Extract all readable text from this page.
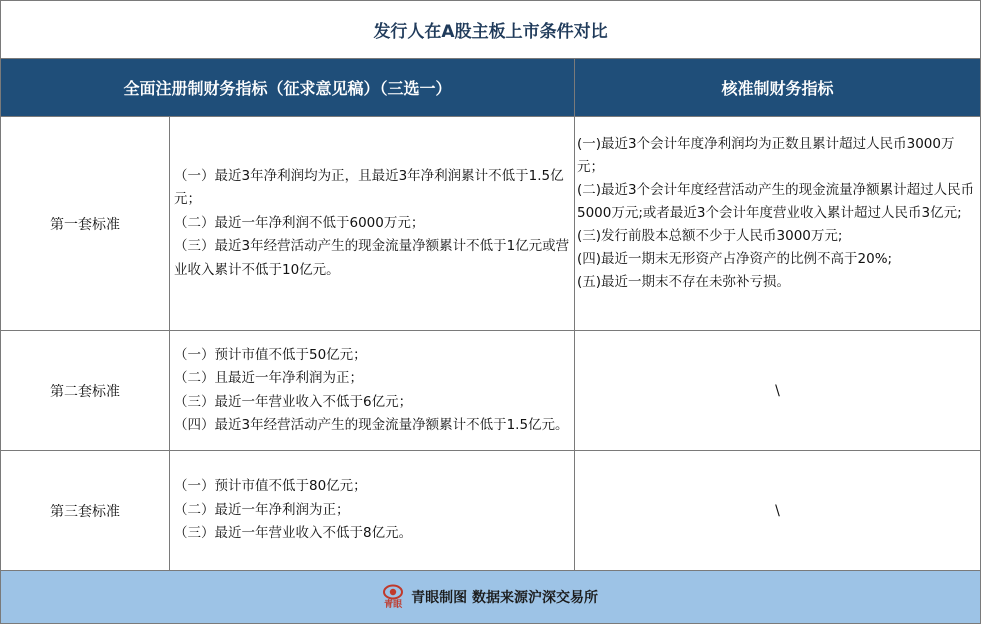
发行人在A股主板上市条件对比		
全面注册制财务指标（征求意见稿）（三选一）		核准制财务指标
第一套标准	（一）最近3年净利润均为正，且最近3年净利润累计不低于1.5亿元；
（二）最近一年净利润不低于6000万元；
（三）最近3年经营活动产生的现金流量净额累计不低于1亿元或营业收入累计不低于10亿元。	(一)最近3个会计年度净利润均为正数且累计超过人民币3000万元；
(二)最近3个会计年度经营活动产生的现金流量净额累计超过人民币5000万元;或者最近3个会计年度营业收入累计超过人民币3亿元;
(三)发行前股本总额不少于人民币3000万元;
(四)最近一期末无形资产占净资产的比例不高于20%;
(五)最近一期末不存在未弥补亏损。

第二套标准	（一）预计市值不低于50亿元；
（二）且最近一年净利润为正；
（三）最近一年营业收入不低于6亿元；
（四）最近3年经营活动产生的现金流量净额累计不低于1.5亿元。	\
第三套标准	（一）预计市值不低于80亿元；
（二）最近一年净利润为正；
（三）最近一年营业收入不低于8亿元。	\

青眼 青眼制图 数据来源沪深交易所		
